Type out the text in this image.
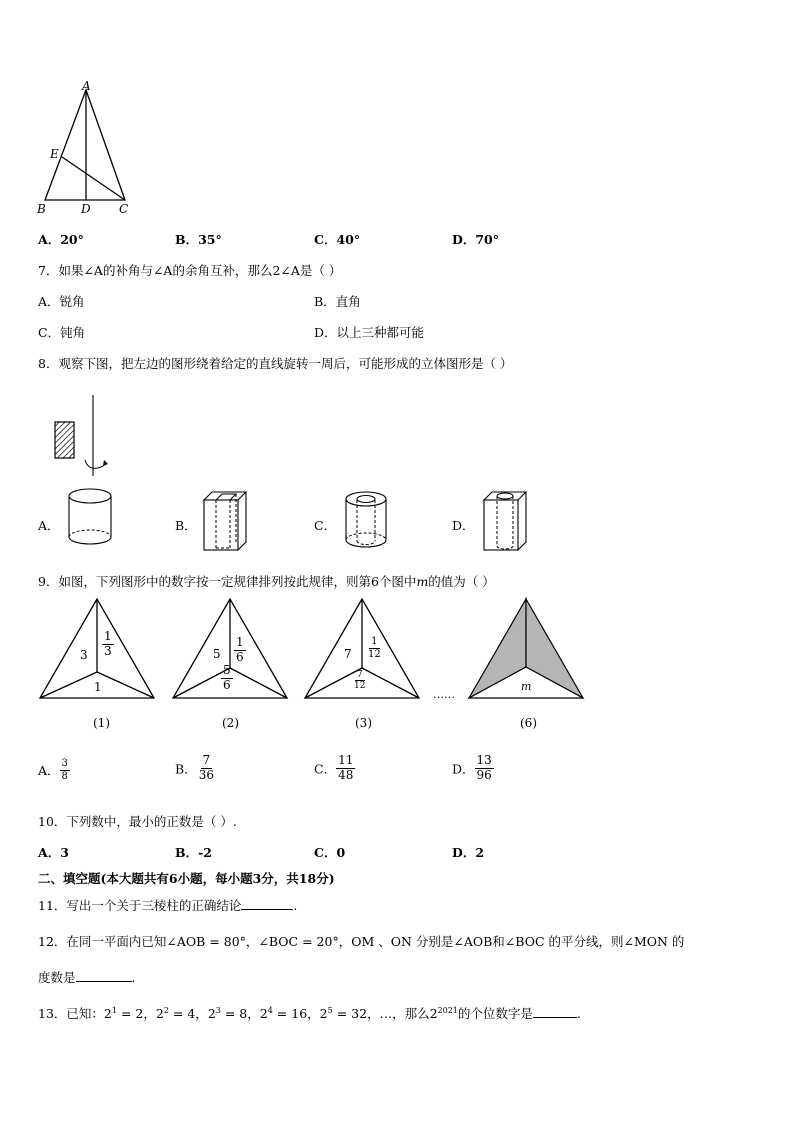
A
E
B	D C
A．20°	B．35°	C．40°	D．70°
7．如果∠A的补角与∠A的余角互补，那么2∠A是（ ）
A．锐角	B．直角
C．钝角	D．以上三种都可能
8．观察下图，把左边的图形绕着给定的直线旋转一周后，可能形成的立体图形是（ ）
A．	B．	C．	D．
9．如图，下列图形中的数字按一定规律排列按此规律，则第6个图中m的值为（ ）
$3 \frac{1}{3}$
1
(1)
$5 \frac{1}{6}$
$\frac{5}{6}$
(2)
$7 \frac{1}{12}$
$\frac{7}{12}$
(3)
……
m
(6)
A． $\frac{3}{8}$	B． $\frac{7}{36}$	C． $\frac{11}{48}$	D． $\frac{13}{96}$
10．下列数中，最小的正数是（ ）.
A．3	B．-2	C．0	D．2
二、填空题(本大题共有6小题，每小题3分，共18分)
11．写出一个关于三棱柱的正确结论	.
12．在同一平面内已知∠AOB = 80°，∠BOC = 20°，OM 、ON 分别是∠AOB和∠BOC 的平分线，则∠MON 的
度数是	.
13．已知：$2^1 = 2$，$2^2 = 4$，$2^3 = 8$，$2^4 = 16$，$2^5 = 32$，…，那么$2^{2021}$的个位数字是	.
